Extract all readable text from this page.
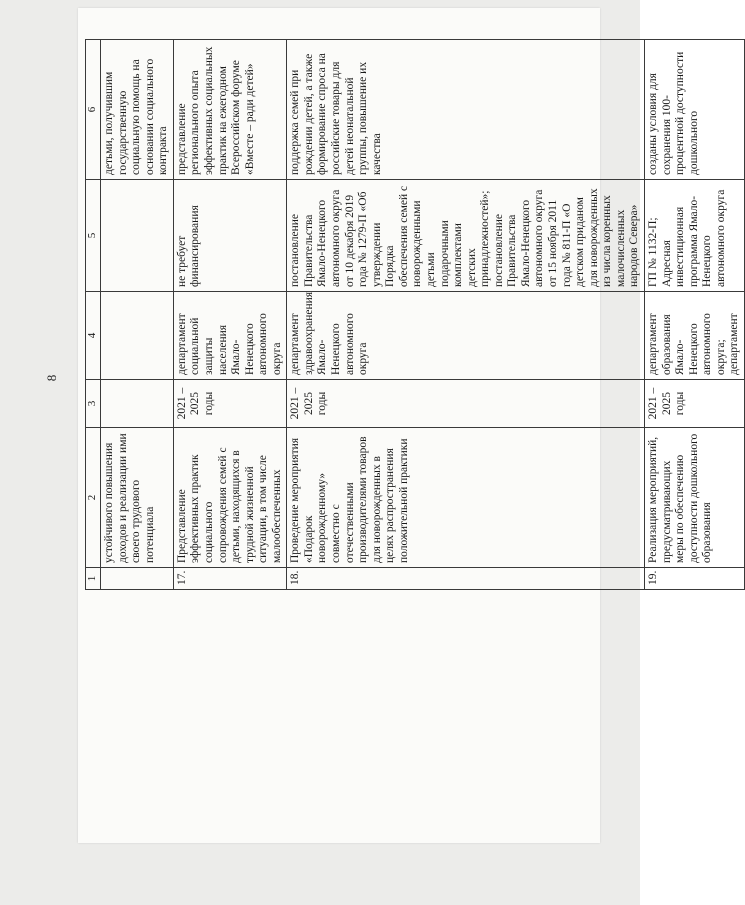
8
1	2	3	4	5	6
	устойчивого повышения доходов и реализации ими своего трудового потенциала				детьми, получившим государственную социальную помощь на основании социального контракта
17.	Представление эффективных практик социального сопровождения семей с детьми, находящихся в трудной жизненной ситуации, в том числе малообеспеченных	2021 – 2025 годы	департамент социальной защиты населения Ямало-Ненецкого автономного округа	не требует финансирования	представление регионального опыта эффективных социальных практик на ежегодном Всероссийском форуме «Вместе – ради детей»
18.	Проведение мероприятия «Подарок новорожденному» совместно с отечественными производителями товаров для новорожденных в целях распространения положительной практики	2021 – 2025 годы	департамент здравоохранения Ямало-Ненецкого автономного округа	постановление Правительства Ямало-Ненецкого автономного округа от 10 декабря 2019 года № 1279-П «Об утверждении Порядка обеспечения семей с новорожденными детьми подарочными комплектами детских принадлежностей»; постановление Правительства Ямало-Ненецкого автономного округа от 15 ноября 2011 года № 811-П «О детском приданом для новорожденных из числа коренных малочисленных народов Севера»	поддержка семей при рождении детей, а также формирование спроса на российские товары для детей неонатальной группы, повышение их качества
19.	Реализация мероприятий, предусматривающих меры по обеспечению доступности дошкольного образования	2021 – 2025 годы	департамент образования Ямало-Ненецкого автономного округа; департамент	ГП № 1132-П; Адресная инвестиционная программа Ямало-Ненецкого автономного округа	созданы условия для сохранения 100-процентной доступности дошкольного
